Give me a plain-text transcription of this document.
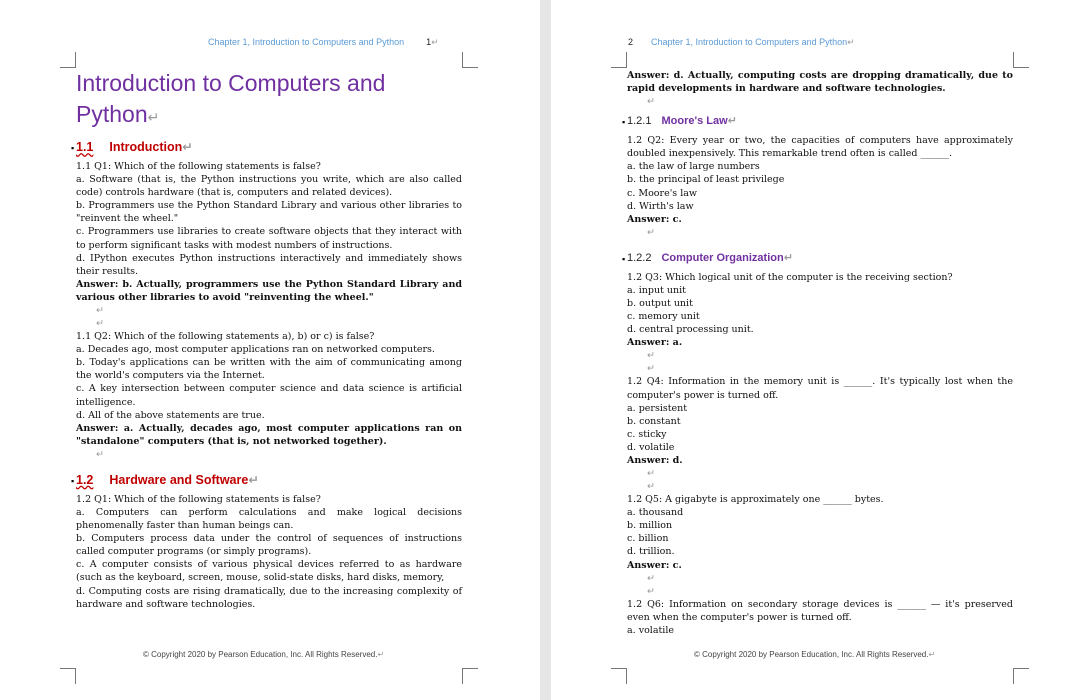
Chapter 1, Introduction to Computers and Python 1↵
Introduction to Computers and
Python↵
▪ 1.1 Introduction↵
1.1 Q1: Which of the following statements is false?
a. Software (that is, the Python instructions you write, which are also called code) controls hardware (that is, computers and related devices).
b. Programmers use the Python Standard Library and various other libraries to "reinvent the wheel."
c. Programmers use libraries to create software objects that they interact with to perform significant tasks with modest numbers of instructions.
d. IPython executes Python instructions interactively and immediately shows their results.
Answer: b. Actually, programmers use the Python Standard Library and various other libraries to avoid "reinventing the wheel."
↵
↵
1.1 Q2: Which of the following statements a), b) or c) is false?
a. Decades ago, most computer applications ran on networked computers.
b. Today's applications can be written with the aim of communicating among the world's computers via the Internet.
c. A key intersection between computer science and data science is artificial intelligence.
d. All of the above statements are true.
Answer: a. Actually, decades ago, most computer applications ran on "standalone" computers (that is, not networked together).
↵
▪ 1.2 Hardware and Software↵
1.2 Q1: Which of the following statements is false?
a. Computers can perform calculations and make logical decisions phenomenally faster than human beings can.
b. Computers process data under the control of sequences of instructions called computer programs (or simply programs).
c. A computer consists of various physical devices referred to as hardware (such as the keyboard, screen, mouse, solid-state disks, hard disks, memory,
d. Computing costs are rising dramatically, due to the increasing complexity of hardware and software technologies.
© Copyright 2020 by Pearson Education, Inc. All Rights Reserved.↵
2 Chapter 1, Introduction to Computers and Python↵
Answer: d. Actually, computing costs are dropping dramatically, due to rapid developments in hardware and software technologies.
↵
▪ 1.2.1 Moore's Law↵
1.2 Q2: Every year or two, the capacities of computers have approximately doubled inexpensively. This remarkable trend often is called ______.
a. the law of large numbers
b. the principal of least privilege
c. Moore's law
d. Wirth's law
Answer: c.
↵
▪ 1.2.2 Computer Organization↵
1.2 Q3: Which logical unit of the computer is the receiving section?
a. input unit
b. output unit
c. memory unit
d. central processing unit.
Answer: a.
↵
↵
1.2 Q4: Information in the memory unit is ______. It's typically lost when the computer's power is turned off.
a. persistent
b. constant
c. sticky
d. volatile
Answer: d.
↵
↵
1.2 Q5: A gigabyte is approximately one ______ bytes.
a. thousand
b. million
c. billion
d. trillion.
Answer: c.
↵
↵
1.2 Q6: Information on secondary storage devices is ______ — it's preserved even when the computer's power is turned off.
a. volatile
© Copyright 2020 by Pearson Education, Inc. All Rights Reserved.↵
